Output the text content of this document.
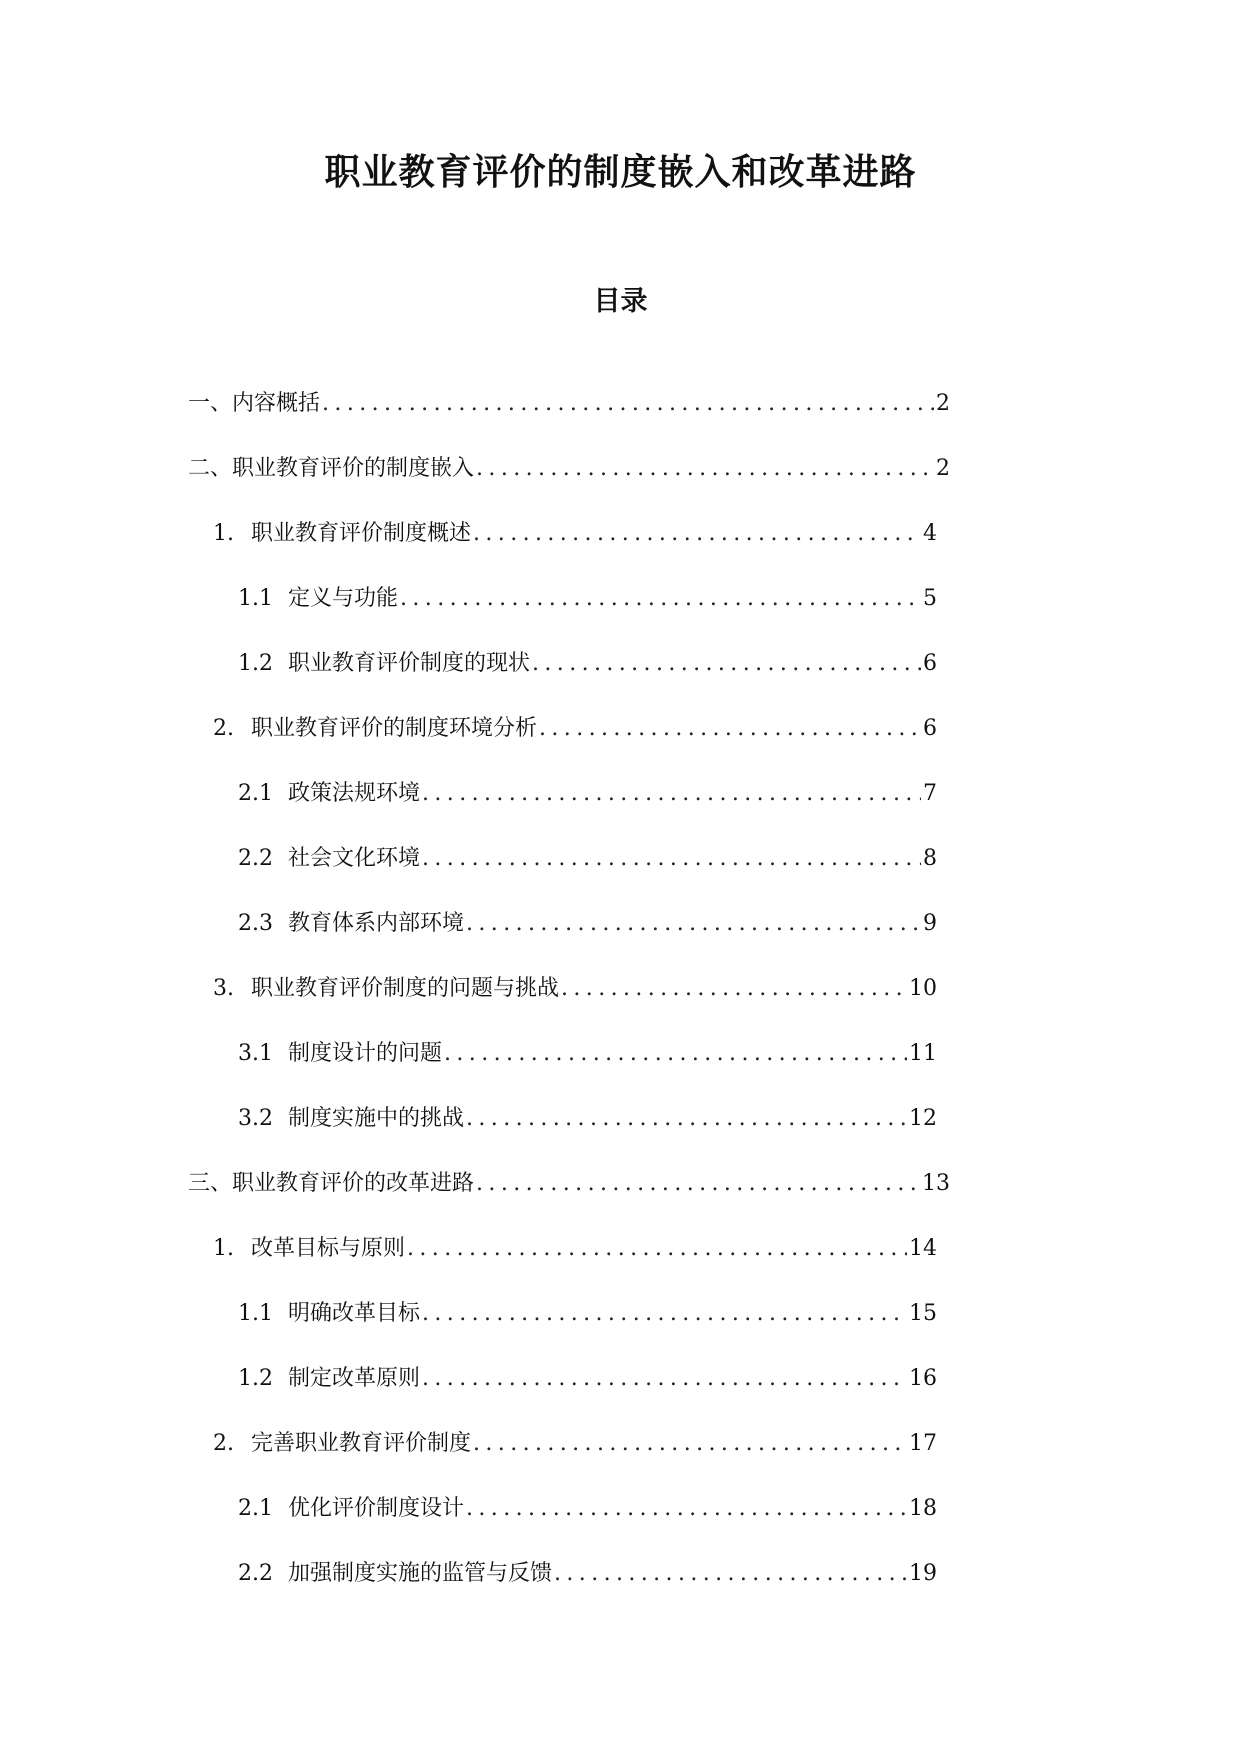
职业教育评价的制度嵌入和改革进路
目录
一、 内容概括 .....	2
二、 职业教育评价的制度嵌入 .....	2
1. 职业教育评价制度概述 .....	4
1.1 定义与功能 .....	5
1.2 职业教育评价制度的现状 .....	6
2. 职业教育评价的制度环境分析 .....	6
2.1 政策法规环境 .....	7
2.2 社会文化环境 .....	8
2.3 教育体系内部环境 .....	9
3. 职业教育评价制度的问题与挑战 .....	10
3.1 制度设计的问题 .....	11
3.2 制度实施中的挑战 .....	12
三、 职业教育评价的改革进路 .....	13
1. 改革目标与原则 .....	14
1.1 明确改革目标 .....	15
1.2 制定改革原则 .....	16
2. 完善职业教育评价制度 .....	17
2.1 优化评价制度设计 .....	18
2.2 加强制度实施的监管与反馈 .....	19
